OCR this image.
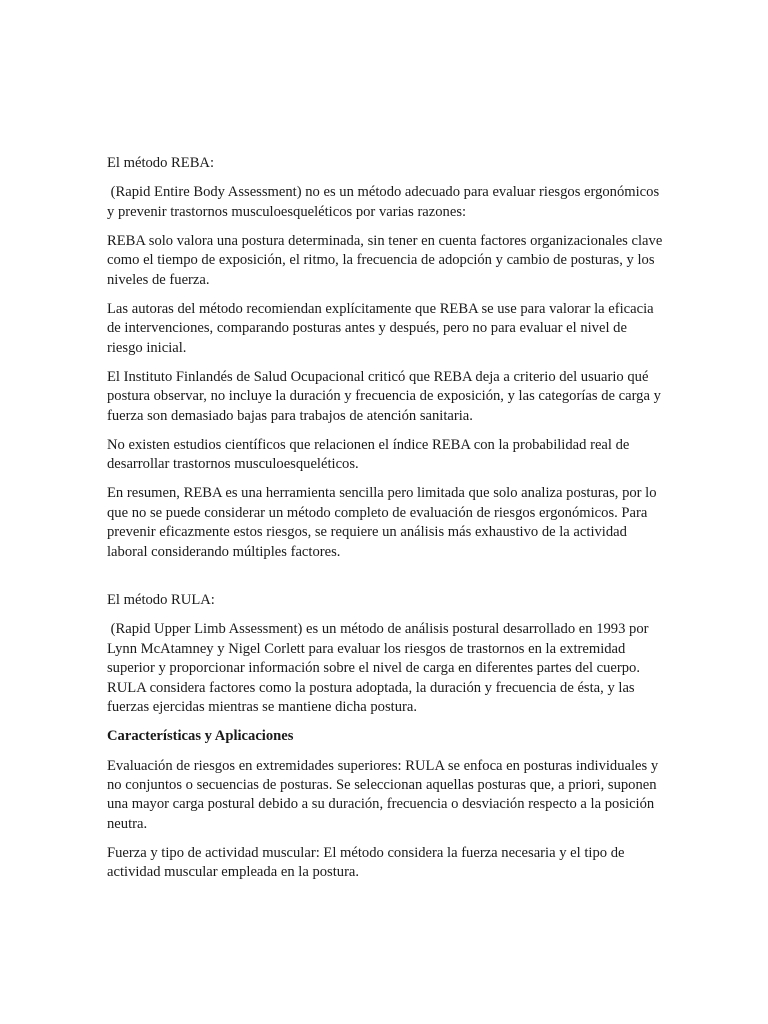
El método REBA:

(Rapid Entire Body Assessment) no es un método adecuado para evaluar riesgos ergonómicos y prevenir trastornos musculoesqueléticos por varias razones:

REBA solo valora una postura determinada, sin tener en cuenta factores organizacionales clave como el tiempo de exposición, el ritmo, la frecuencia de adopción y cambio de posturas, y los niveles de fuerza.

Las autoras del método recomiendan explícitamente que REBA se use para valorar la eficacia de intervenciones, comparando posturas antes y después, pero no para evaluar el nivel de riesgo inicial.

El Instituto Finlandés de Salud Ocupacional criticó que REBA deja a criterio del usuario qué postura observar, no incluye la duración y frecuencia de exposición, y las categorías de carga y fuerza son demasiado bajas para trabajos de atención sanitaria.

No existen estudios científicos que relacionen el índice REBA con la probabilidad real de desarrollar trastornos musculoesqueléticos.

En resumen, REBA es una herramienta sencilla pero limitada que solo analiza posturas, por lo que no se puede considerar un método completo de evaluación de riesgos ergonómicos. Para prevenir eficazmente estos riesgos, se requiere un análisis más exhaustivo de la actividad laboral considerando múltiples factores.

El método RULA:

(Rapid Upper Limb Assessment) es un método de análisis postural desarrollado en 1993 por Lynn McAtamney y Nigel Corlett para evaluar los riesgos de trastornos en la extremidad superior y proporcionar información sobre el nivel de carga en diferentes partes del cuerpo. RULA considera factores como la postura adoptada, la duración y frecuencia de ésta, y las fuerzas ejercidas mientras se mantiene dicha postura.

Características y Aplicaciones

Evaluación de riesgos en extremidades superiores: RULA se enfoca en posturas individuales y no conjuntos o secuencias de posturas. Se seleccionan aquellas posturas que, a priori, suponen una mayor carga postural debido a su duración, frecuencia o desviación respecto a la posición neutra.

Fuerza y tipo de actividad muscular: El método considera la fuerza necesaria y el tipo de actividad muscular empleada en la postura.
